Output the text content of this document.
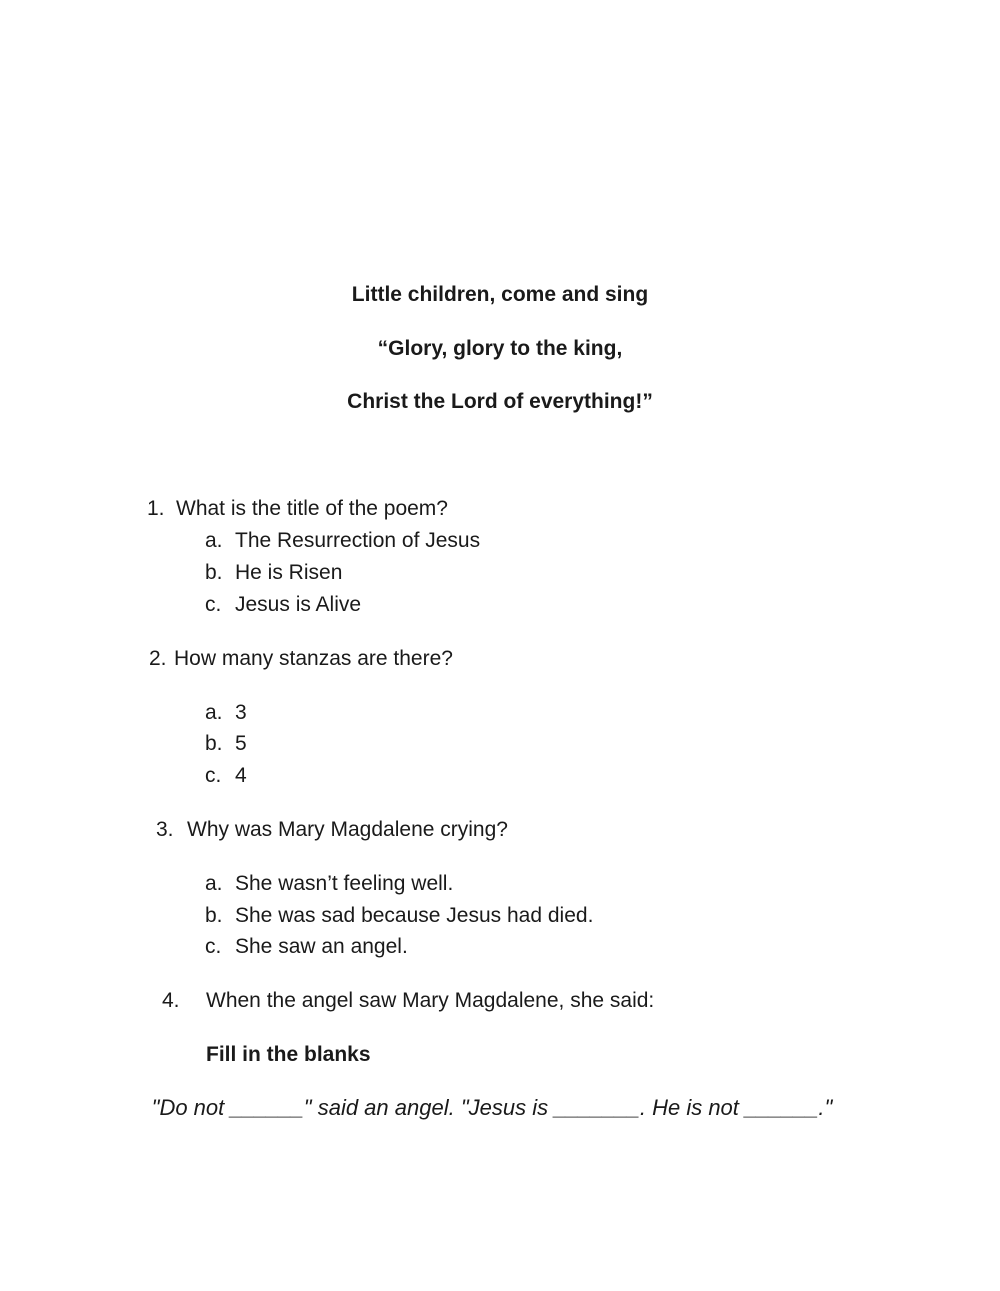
Little children, come and sing
“Glory, glory to the king,
Christ the Lord of everything!”
1. What is the title of the poem?
a. The Resurrection of Jesus
b. He is Risen
c. Jesus is Alive
2. How many stanzas are there?
a. 3
b. 5
c. 4
3. Why was Mary Magdalene crying?
a. She wasn’t feeling well.
b. She was sad because Jesus had died.
c. She saw an angel.
4. When the angel saw Mary Magdalene, she said:
Fill in the blanks
"Do not ______" said an angel. "Jesus is _______. He is not ______."
